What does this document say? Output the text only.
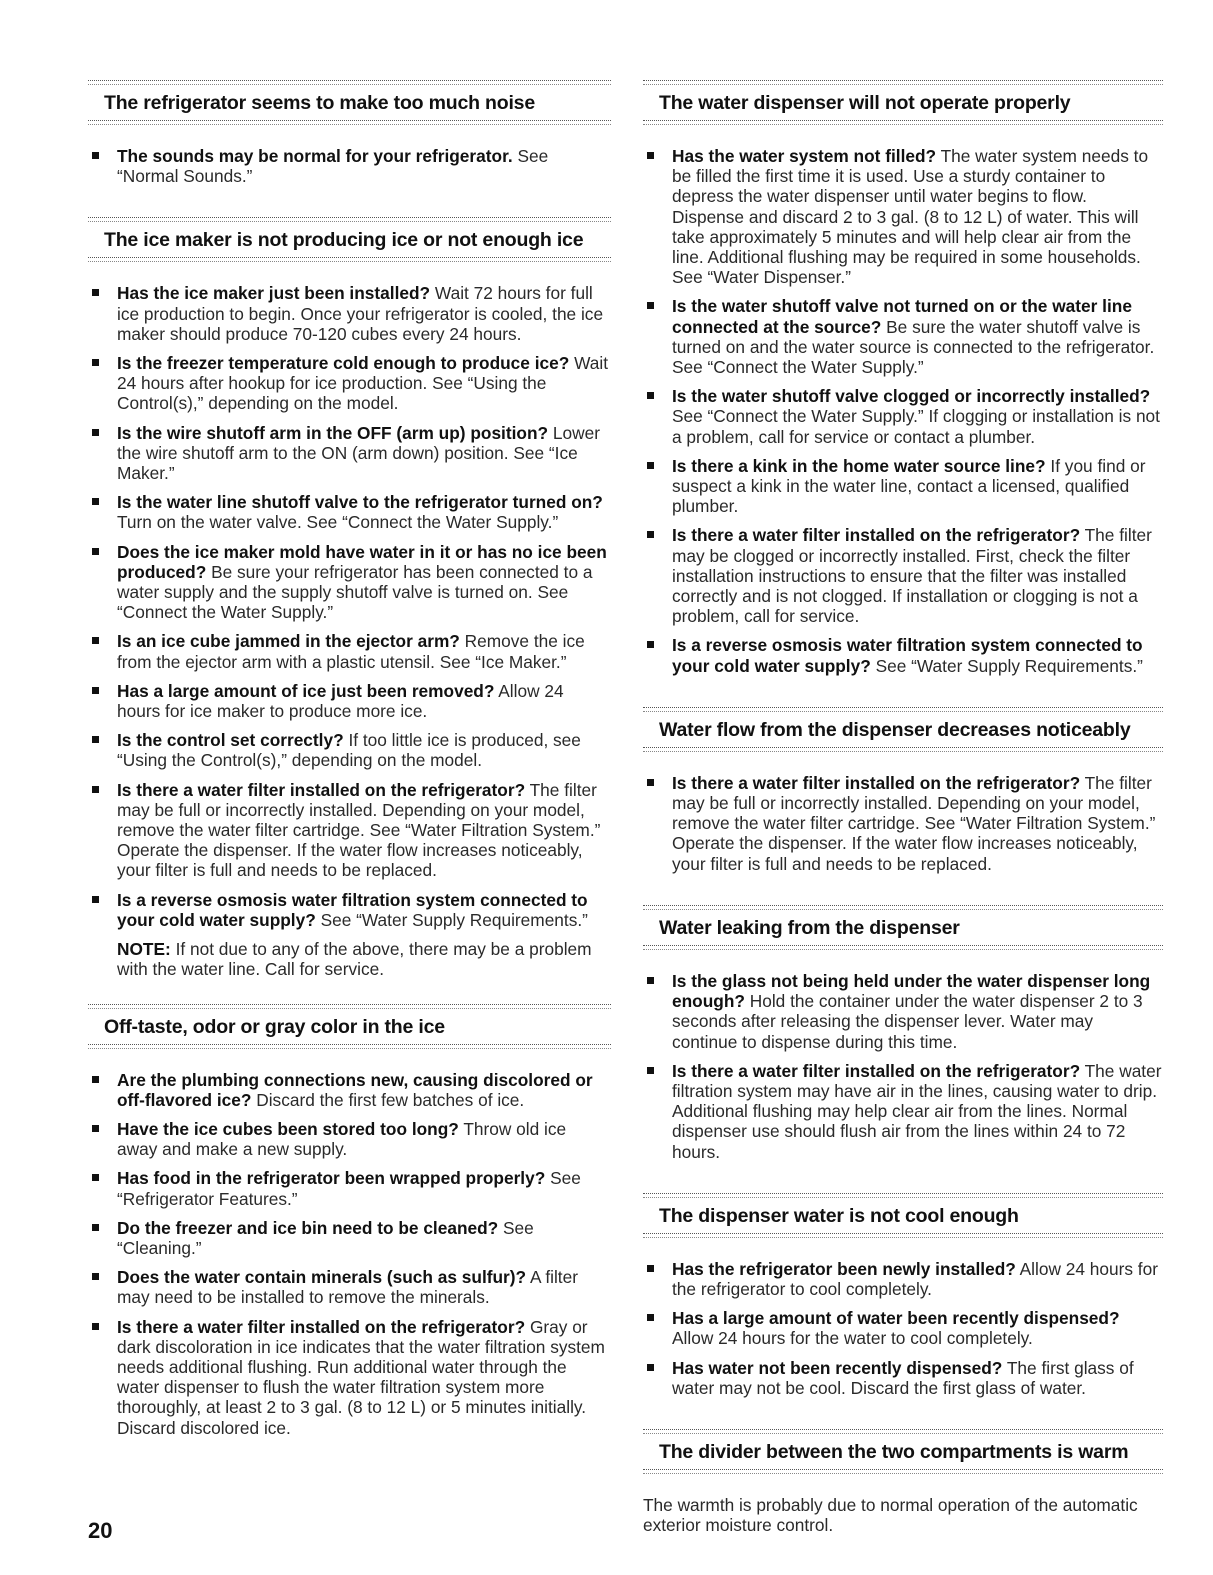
The refrigerator seems to make too much noise
The sounds may be normal for your refrigerator. See “Normal Sounds.”
The ice maker is not producing ice or not enough ice
Has the ice maker just been installed? Wait 72 hours for full ice production to begin. Once your refrigerator is cooled, the ice maker should produce 70-120 cubes every 24 hours.
Is the freezer temperature cold enough to produce ice? Wait 24 hours after hookup for ice production. See “Using the Control(s),” depending on the model.
Is the wire shutoff arm in the OFF (arm up) position? Lower the wire shutoff arm to the ON (arm down) position. See “Ice Maker.”
Is the water line shutoff valve to the refrigerator turned on? Turn on the water valve. See “Connect the Water Supply.”
Does the ice maker mold have water in it or has no ice been produced? Be sure your refrigerator has been connected to a water supply and the supply shutoff valve is turned on. See “Connect the Water Supply.”
Is an ice cube jammed in the ejector arm? Remove the ice from the ejector arm with a plastic utensil. See “Ice Maker.”
Has a large amount of ice just been removed? Allow 24 hours for ice maker to produce more ice.
Is the control set correctly? If too little ice is produced, see “Using the Control(s),” depending on the model.
Is there a water filter installed on the refrigerator? The filter may be full or incorrectly installed. Depending on your model, remove the water filter cartridge. See “Water Filtration System.” Operate the dispenser. If the water flow increases noticeably, your filter is full and needs to be replaced.
Is a reverse osmosis water filtration system connected to your cold water supply? See “Water Supply Requirements.”
NOTE: If not due to any of the above, there may be a problem with the water line. Call for service.
Off-taste, odor or gray color in the ice
Are the plumbing connections new, causing discolored or off-flavored ice? Discard the first few batches of ice.
Have the ice cubes been stored too long? Throw old ice away and make a new supply.
Has food in the refrigerator been wrapped properly? See “Refrigerator Features.”
Do the freezer and ice bin need to be cleaned? See “Cleaning.”
Does the water contain minerals (such as sulfur)? A filter may need to be installed to remove the minerals.
Is there a water filter installed on the refrigerator? Gray or dark discoloration in ice indicates that the water filtration system needs additional flushing. Run additional water through the water dispenser to flush the water filtration system more thoroughly, at least 2 to 3 gal. (8 to 12 L) or 5 minutes initially. Discard discolored ice.
The water dispenser will not operate properly
Has the water system not filled? The water system needs to be filled the first time it is used. Use a sturdy container to depress the water dispenser until water begins to flow. Dispense and discard 2 to 3 gal. (8 to 12 L) of water. This will take approximately 5 minutes and will help clear air from the line. Additional flushing may be required in some households. See “Water Dispenser.”
Is the water shutoff valve not turned on or the water line connected at the source? Be sure the water shutoff valve is turned on and the water source is connected to the refrigerator. See “Connect the Water Supply.”
Is the water shutoff valve clogged or incorrectly installed? See “Connect the Water Supply.” If clogging or installation is not a problem, call for service or contact a plumber.
Is there a kink in the home water source line? If you find or suspect a kink in the water line, contact a licensed, qualified plumber.
Is there a water filter installed on the refrigerator? The filter may be clogged or incorrectly installed. First, check the filter installation instructions to ensure that the filter was installed correctly and is not clogged. If installation or clogging is not a problem, call for service.
Is a reverse osmosis water filtration system connected to your cold water supply? See “Water Supply Requirements.”
Water flow from the dispenser decreases noticeably
Is there a water filter installed on the refrigerator? The filter may be full or incorrectly installed. Depending on your model, remove the water filter cartridge. See “Water Filtration System.” Operate the dispenser. If the water flow increases noticeably, your filter is full and needs to be replaced.
Water leaking from the dispenser
Is the glass not being held under the water dispenser long enough? Hold the container under the water dispenser 2 to 3 seconds after releasing the dispenser lever. Water may continue to dispense during this time.
Is there a water filter installed on the refrigerator? The water filtration system may have air in the lines, causing water to drip. Additional flushing may help clear air from the lines. Normal dispenser use should flush air from the lines within 24 to 72 hours.
The dispenser water is not cool enough
Has the refrigerator been newly installed? Allow 24 hours for the refrigerator to cool completely.
Has a large amount of water been recently dispensed? Allow 24 hours for the water to cool completely.
Has water not been recently dispensed? The first glass of water may not be cool. Discard the first glass of water.
The divider between the two compartments is warm
The warmth is probably due to normal operation of the automatic exterior moisture control.
20
